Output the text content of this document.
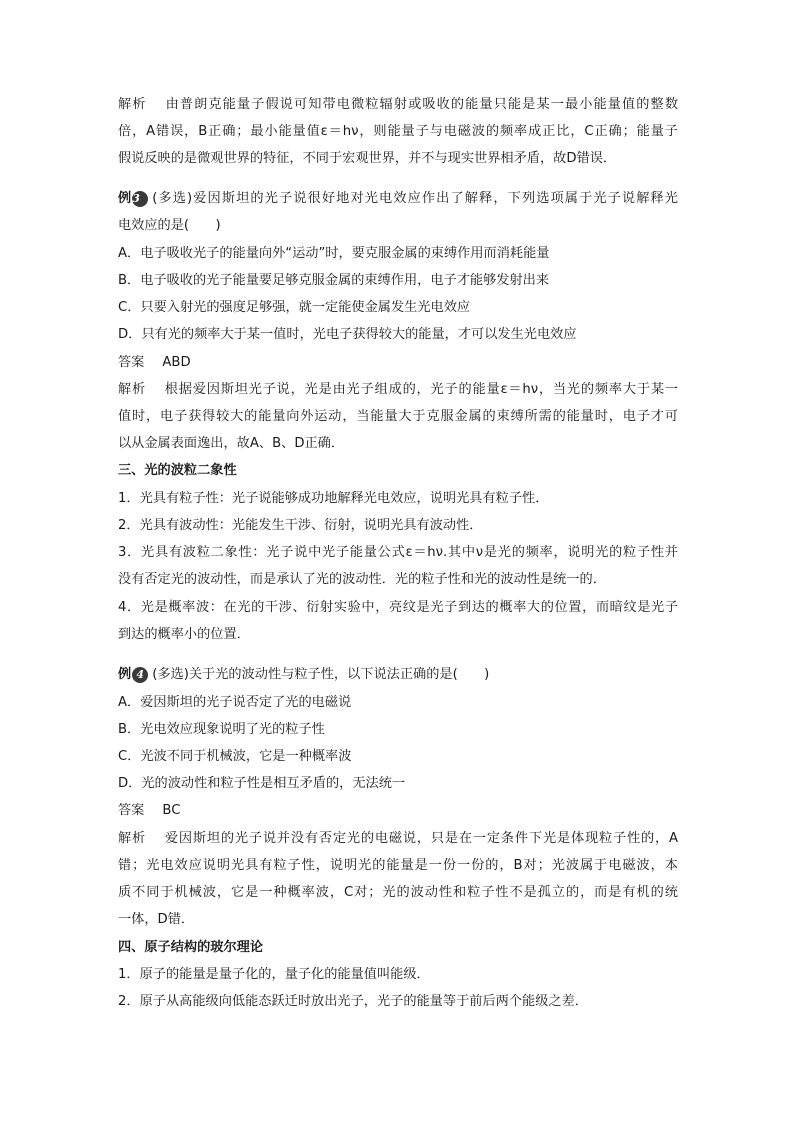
解析 由普朗克能量子假说可知带电微粒辐射或吸收的能量只能是某一最小能量值的整数
倍，A错误，B正确；最小能量值ε＝hν，则能量子与电磁波的频率成正比，C正确；能量子
假说反映的是微观世界的特征，不同于宏观世界，并不与现实世界相矛盾，故D错误．
例 3 (多选)爱因斯坦的光子说很好地对光电效应作出了解释，下列选项属于光子说解释光
电效应的是(　　)
A．电子吸收光子的能量向外“运动”时，要克服金属的束缚作用而消耗能量
B．电子吸收的光子能量要足够克服金属的束缚作用，电子才能够发射出来
C．只要入射光的强度足够强，就一定能使金属发生光电效应
D．只有光的频率大于某一值时，光电子获得较大的能量，才可以发生光电效应
答案 ABD
解析 根据爱因斯坦光子说，光是由光子组成的，光子的能量ε＝hν，当光的频率大于某一
值时，电子获得较大的能量向外运动，当能量大于克服金属的束缚所需的能量时，电子才可
以从金属表面逸出，故A、B、D正确．
三、光的波粒二象性
1．光具有粒子性：光子说能够成功地解释光电效应，说明光具有粒子性．
2．光具有波动性：光能发生干涉、衍射，说明光具有波动性．
3．光具有波粒二象性：光子说中光子能量公式ε＝hν.其中ν是光的频率，说明光的粒子性并
没有否定光的波动性，而是承认了光的波动性．光的粒子性和光的波动性是统一的．
4．光是概率波：在光的干涉、衍射实验中，亮纹是光子到达的概率大的位置，而暗纹是光子
到达的概率小的位置．
例 4 (多选)关于光的波动性与粒子性，以下说法正确的是(　　)
A．爱因斯坦的光子说否定了光的电磁说
B．光电效应现象说明了光的粒子性
C．光波不同于机械波，它是一种概率波
D．光的波动性和粒子性是相互矛盾的，无法统一
答案 BC
解析 爱因斯坦的光子说并没有否定光的电磁说，只是在一定条件下光是体现粒子性的，A
错；光电效应说明光具有粒子性，说明光的能量是一份一份的，B对；光波属于电磁波，本
质不同于机械波，它是一种概率波，C对；光的波动性和粒子性不是孤立的，而是有机的统
一体，D错．
四、原子结构的玻尔理论
1．原子的能量是量子化的，量子化的能量值叫能级．
2．原子从高能级向低能态跃迁时放出光子，光子的能量等于前后两个能级之差．
